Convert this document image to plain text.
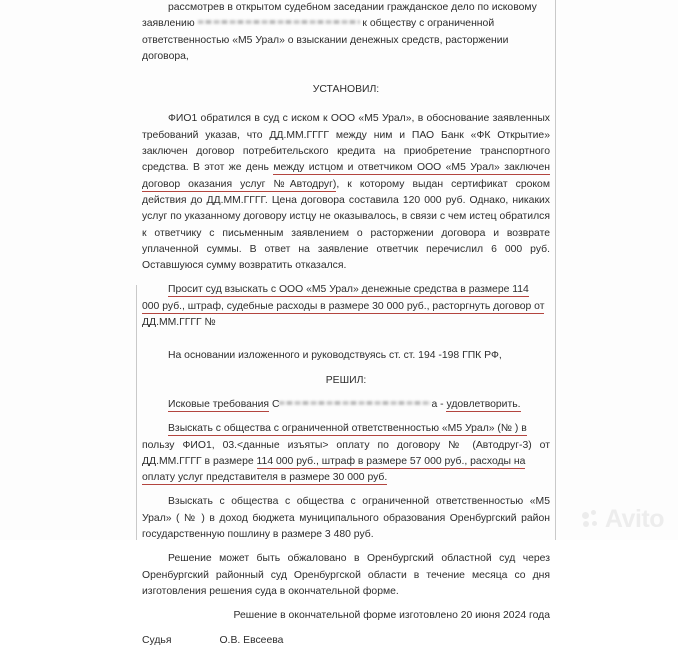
рассмотрев в открытом судебном заседании гражданское дело по исковому

заявлению	к обществу с ограниченной

ответственностью «М5 Урал» о взыскании денежных средств, расторжении

договора,

УСТАНОВИЛ:

ФИО1 обратился в суд с иском к ООО «М5 Урал», в обоснование заявленных требований указав, что ДД.ММ.ГГГГ между ним и ПАО Банк «ФК Открытие» заключен договор потребительского кредита на приобретение транспортного средства. В этот же день между истцом и ответчиком ООО «М5 Урал» заключен договор оказания услуг №Автодруг), к которому выдан сертификат сроком действия до ДД.ММ.ГГГГ. Цена договора составила 120 000 руб. Однако, никаких услуг по указанному договору истцу не оказывалось, в связи с чем истец обратился к ответчику с письменным заявлением о расторжении договора и возврате уплаченной суммы. В ответ на заявление ответчик перечислил 6 000 руб. Оставшуюся сумму возвратить отказался.

Просит суд взыскать с ООО «М5 Урал» денежные средства в размере 114

000 руб., штраф, судебные расходы в размере 30 000 руб., расторгнуть договор от

ДД.ММ.ГГГГ №

На основании изложенного и руководствуясь ст. ст. 194 -198 ГПК РФ,

РЕШИЛ:

Исковые требования С	а - удовлетворить.

Взыскать с общества с ограниченной ответственностью «М5 Урал» (№ ) в

пользу ФИО1, 03.<данные изъяты> оплату по договору № (Автодруг-3) от ДД.ММ.ГГГГ в размере 114 000 руб., штраф в размере 57 000 руб., расходы на

оплату услуг представителя в размере 30 000 руб.

Взыскать с общества с общества с ограниченной ответственностью «М5 Урал» ( № ) в доход бюджета муниципального образования Оренбургский район государственную пошлину в размере 3 480 руб.

Решение может быть обжаловано в Оренбургский областной суд через Оренбургский районный суд Оренбургской области в течение месяца со дня изготовления решения суда в окончательной форме.

Решение в окончательной форме изготовлено 20 июня 2024 года

Судья	О.В. Евсеева

Avito
